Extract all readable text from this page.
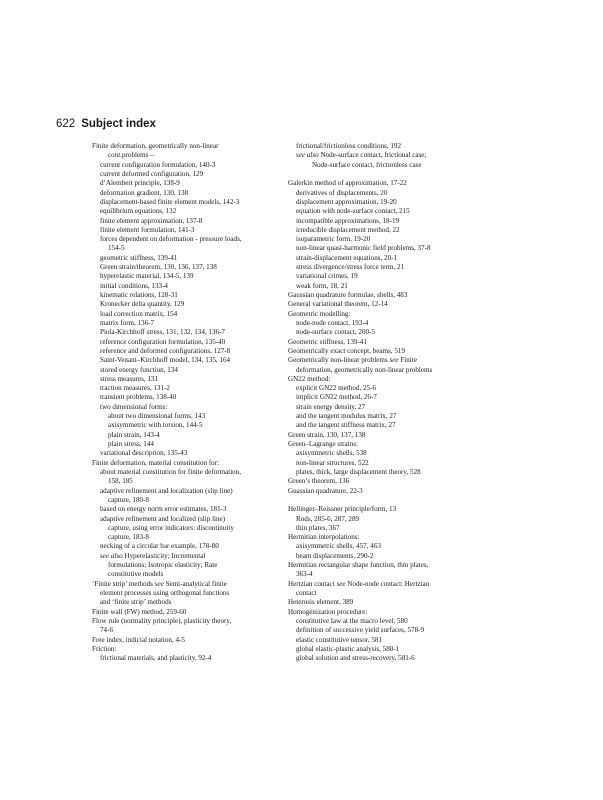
622 Subject index
Finite deformation, geometrically non-linear
cont.problems –
current configuration formulation, 140-3
current deformed configuration, 129
d’Alembert principle, 138-9
deformation gradient, 130, 138
displacement-based finite element models, 142-3
equilibrium equations, 132
finite element approximation, 137-8
finite element formulation, 141-3
forces dependent on deformation - pressure loads,
154-5
geometric stiffness, 139-41
Green strain/theorem, 130, 136, 137, 138
hyperelastic material, 134-5, 139
initial conditions, 133-4
kinematic relations, 128-31
Kronecker delta quantity, 129
load correction matrix, 154
matrix form, 136-7
Piola-Kirchhoff stress, 131, 132, 134, 136-7
reference configuration formulation, 135-40
reference and deformed configurations, 127-8
Saint-Venant–Kirchhoff model, 134, 135, 164
stored energy function, 134
stress measures, 131
traction measures, 131-2
transient problems, 138-40
two dimensional forms:
about two dimensional forms, 143
axisymmetric with torsion, 144-5
plain strain, 143-4
plain stress, 144
variational description, 135-43
Finite deformation, material constitution for:
about material constitution for finite deformation,
158, 185
adaptive refinement and localization (slip line)
capture, 180-8
based on energy norm error estimates, 181-3
adaptive refinement and localized (slip line)
capture, using error indicators: discontinuity
capture, 183-8
necking of a circular bar example, 178-80
see also Hyperelasticity; Incremental
formulations; Isotropic elasticity; Rate
constitutive models
‘Finite strip’ methods see Semi-analytical finite
element processes using orthogonal functions
and ‘finite strip’ methods
Finite wall (FW) method, 259-60
Flow rule (normality principle), plasticity theory,
74-6
Free index, indicial notation, 4-5
Friction:
frictional materials, and plasticity, 92-4
frictional/frictionless conditions, 192
see also Node-surface contact, frictional case;
Node-surface contact, frictionless case

Galerkin method of approximation, 17-22
derivatives of displacements, 20
displacement approximation, 19-20
equation with node-surface contact, 215
incompatible approximations, 18-19
irreducible displacement method, 22
isoparametric form, 19-20
non-linear quasi-harmonic field problems, 37-8
strain-displacement equations, 20-1
stress divergence/stress force term, 21
variational crimes, 19
weak form, 18, 21
Gaussian quadrature formulae, shells, 483
General variational theorem, 12-14
Geometric modelling:
node-node contact, 193-4
node-surface contact, 200-5
Geometric stiffness, 139-41
Geometrically exact concept, beams, 519
Geometrically non-linear problems see Finite
deformation, geometrically non-linear problems
GN22 method:
explicit GN22 method, 25-6
implicit GN22 method, 26-7
strain energy density, 27
and the tangent modulus matrix, 27
and the tangent stiffness matrix, 27
Green strain, 130, 137, 138
Green–Lagrange strains:
axisymmetric shells, 538
non-linear structures, 522
plates, thick, large displacement theory, 528
Green’s theorem, 136
Guassian quadrature, 22-3

Hellinger–Reissner principle/form, 13
Rods, 285-6, 287, 289
thin plates, 367
Hermitian interpolations:
axisymmetric shells, 457, 463
beam displacements, 290-2
Hermitian rectangular shape function, thin plates,
363-4
Hertzian contact see Node-node contact: Hertzian
contact
Heterosis element, 389
Homogenization procedure:
constitutive law at the macro level, 580
definition of successive yield surfaces, 578-9
elastic constitutive tensor, 581
global elastic-plastic analysis, 580-1
global solution and stress-recovery, 581-6
